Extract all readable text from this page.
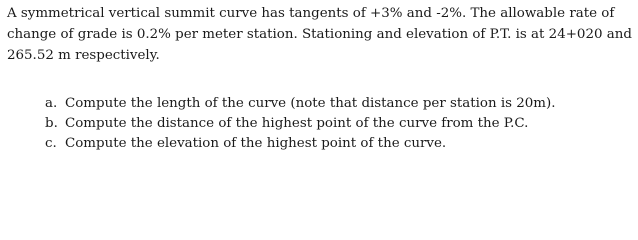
A symmetrical vertical summit curve has tangents of +3% and -2%. The allowable rate of change of grade is 0.2% per meter station. Stationing and elevation of P.T. is at 24+020 and 265.52 m respectively.

a. Compute the length of the curve (note that distance per station is 20m).
b. Compute the distance of the highest point of the curve from the P.C.
c. Compute the elevation of the highest point of the curve.
